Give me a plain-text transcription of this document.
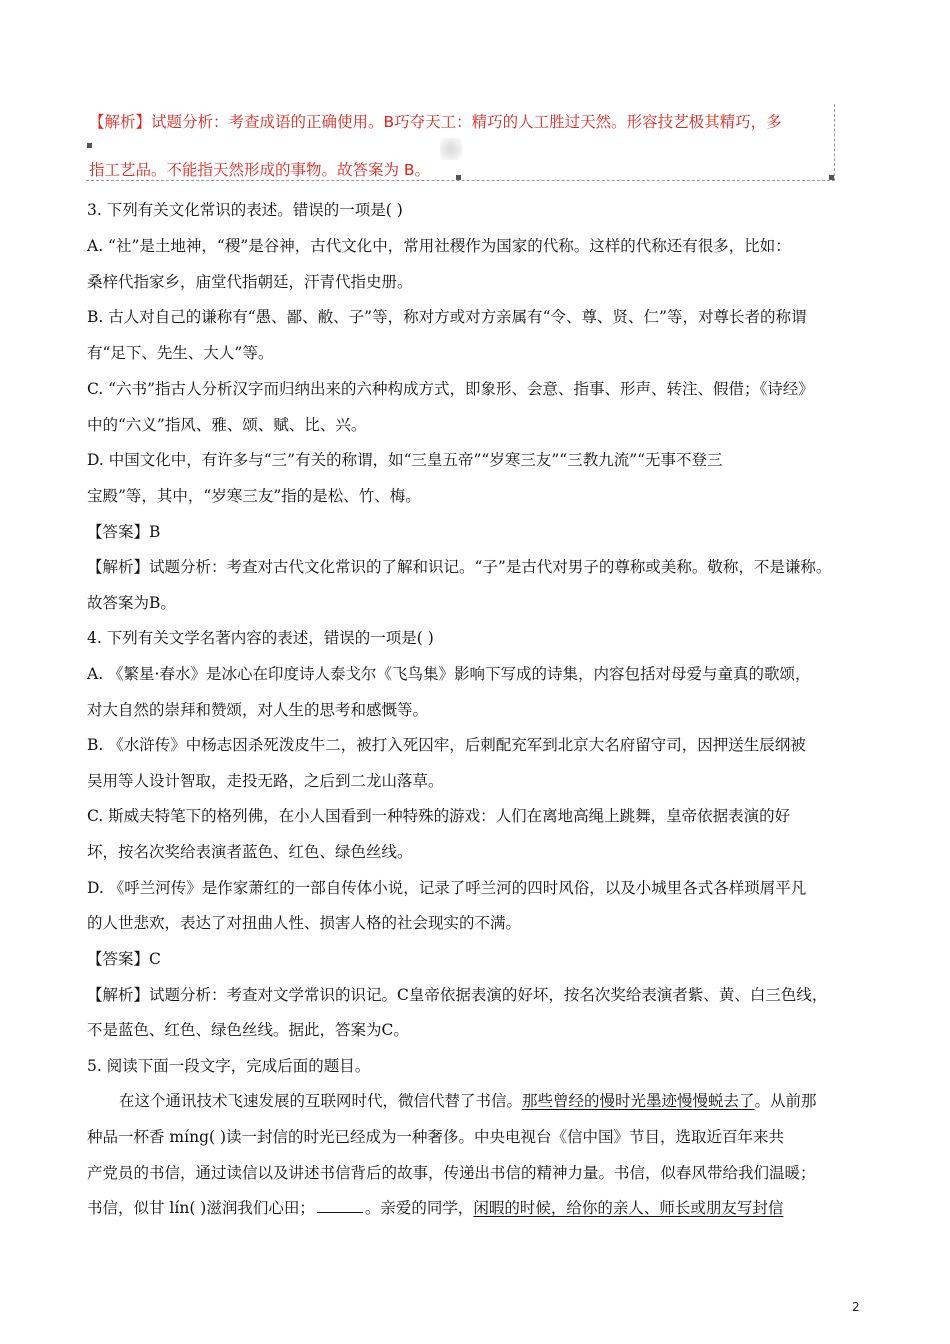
【解析】试题分析：考查成语的正确使用。B巧夺天工：精巧的人工胜过天然。形容技艺极其精巧，多
指工艺品。不能指天然形成的事物。故答案为 B。
3. 下列有关文化常识的表述。错误的一项是( )
A. “社”是土地神，“稷”是谷神，古代文化中，常用社稷作为国家的代称。这样的代称还有很多，比如：
桑梓代指家乡，庙堂代指朝廷，汗青代指史册。
B. 古人对自己的谦称有“愚、鄙、敝、子”等，称对方或对方亲属有“令、尊、贤、仁”等，对尊长者的称谓
有“足下、先生、大人”等。
C. “六书”指古人分析汉字而归纳出来的六种构成方式，即象形、会意、指事、形声、转注、假借；《诗经》
中的“六义”指风、雅、颂、赋、比、兴。
D. 中国文化中，有许多与“三”有关的称谓，如“三皇五帝”“岁寒三友”“三教九流”“无事不登三
宝殿”等，其中，“岁寒三友”指的是松、竹、梅。
【答案】B
【解析】试题分析：考查对古代文化常识的了解和识记。“子”是古代对男子的尊称或美称。敬称，不是谦称。
故答案为B。
4. 下列有关文学名著内容的表述，错误的一项是( )
A. 《繁星·春水》是冰心在印度诗人泰戈尔《飞鸟集》影响下写成的诗集，内容包括对母爱与童真的歌颂，
对大自然的崇拜和赞颂，对人生的思考和感慨等。
B. 《水浒传》中杨志因杀死泼皮牛二，被打入死囚牢，后刺配充军到北京大名府留守司，因押送生辰纲被
吴用等人设计智取，走投无路，之后到二龙山落草。
C. 斯威夫特笔下的格列佛，在小人国看到一种特殊的游戏：人们在离地高绳上跳舞，皇帝依据表演的好
坏，按名次奖给表演者蓝色、红色、绿色丝线。
D. 《呼兰河传》是作家萧红的一部自传体小说，记录了呼兰河的四时风俗，以及小城里各式各样琐屑平凡
的人世悲欢，表达了对扭曲人性、损害人格的社会现实的不满。
【答案】C
【解析】试题分析：考查对文学常识的识记。C皇帝依据表演的好坏，按名次奖给表演者紫、黄、白三色线，
不是蓝色、红色、绿色丝线。据此，答案为C。
5. 阅读下面一段文字，完成后面的题目。
在这个通讯技术飞速发展的互联网时代，微信代替了书信。那些曾经的慢时光墨迹慢慢蜕去了。从前那
种品一杯香 míng( )读一封信的时光已经成为一种奢侈。中央电视台《信中国》节目，选取近百年来共
产党员的书信，通过读信以及讲述书信背后的故事，传递出书信的精神力量。书信，似春风带给我们温暖；
书信，似甘 lín( )滋润我们心田；	。亲爱的同学，闲暇的时候，给你的亲人、师长或朋友写封信
2
